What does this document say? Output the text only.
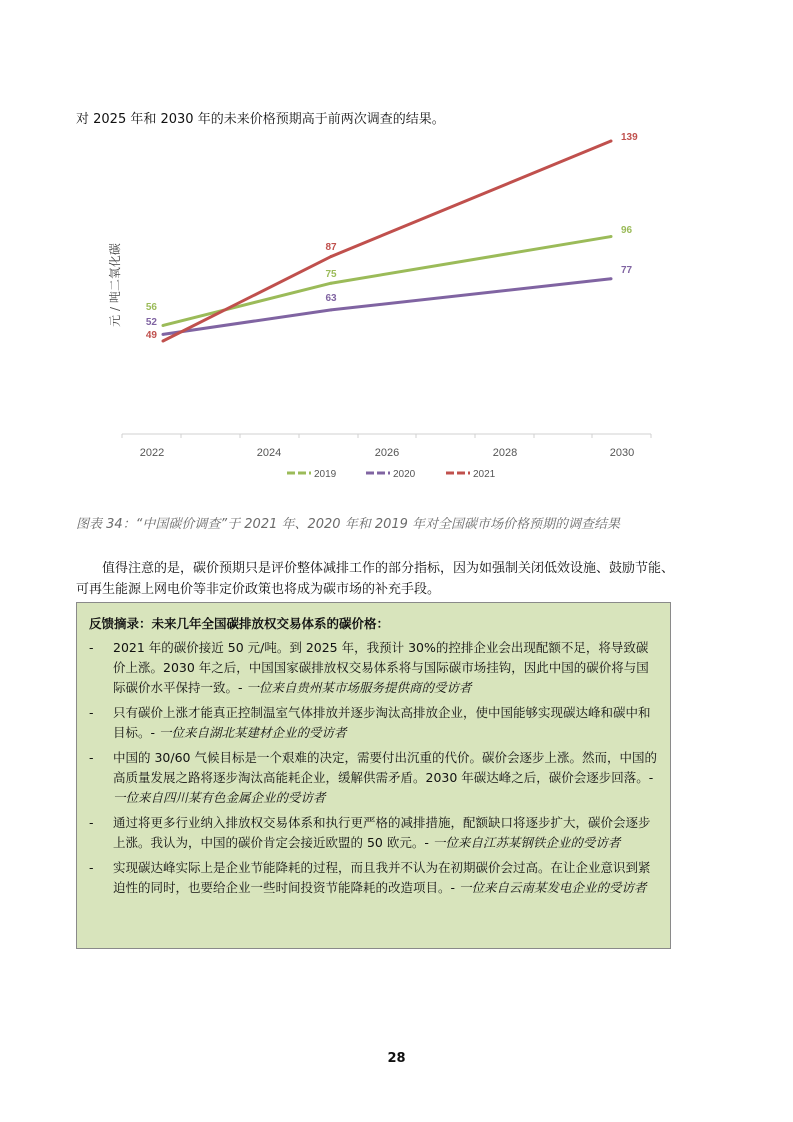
对 2025 年和 2030 年的未来价格预期高于前两次调查的结果。

元 / 吨二氧化碳
2022	2024	2026	2028	2030
56
75
96
52
63
77
49
87
139
2019	2020	2021

图表 34：“中国碳价调查”于 2021 年、2020 年和 2019 年对全国碳市场价格预期的调查结果

值得注意的是，碳价预期只是评价整体减排工作的部分指标，因为如强制关闭低效设施、鼓励节能、可再生能源上网电价等非定价政策也将成为碳市场的补充手段。

反馈摘录：未来几年全国碳排放权交易体系的碳价格：
- 2021 年的碳价接近 50 元/吨。到 2025 年，我预计 30%的控排企业会出现配额不足，将导致碳价上涨。2030 年之后，中国国家碳排放权交易体系将与国际碳市场挂钩，因此中国的碳价将与国际碳价水平保持一致。- 一位来自贵州某市场服务提供商的受访者
- 只有碳价上涨才能真正控制温室气体排放并逐步淘汰高排放企业，使中国能够实现碳达峰和碳中和目标。- 一位来自湖北某建材企业的受访者
- 中国的 30/60 气候目标是一个艰难的决定，需要付出沉重的代价。碳价会逐步上涨。然而，中国的高质量发展之路将逐步淘汰高能耗企业，缓解供需矛盾。2030 年碳达峰之后，碳价会逐步回落。- 一位来自四川某有色金属企业的受访者
- 通过将更多行业纳入排放权交易体系和执行更严格的减排措施，配额缺口将逐步扩大，碳价会逐步上涨。我认为，中国的碳价肯定会接近欧盟的 50 欧元。- 一位来自江苏某钢铁企业的受访者
- 实现碳达峰实际上是企业节能降耗的过程，而且我并不认为在初期碳价会过高。在让企业意识到紧迫性的同时，也要给企业一些时间投资节能降耗的改造项目。- 一位来自云南某发电企业的受访者
28
